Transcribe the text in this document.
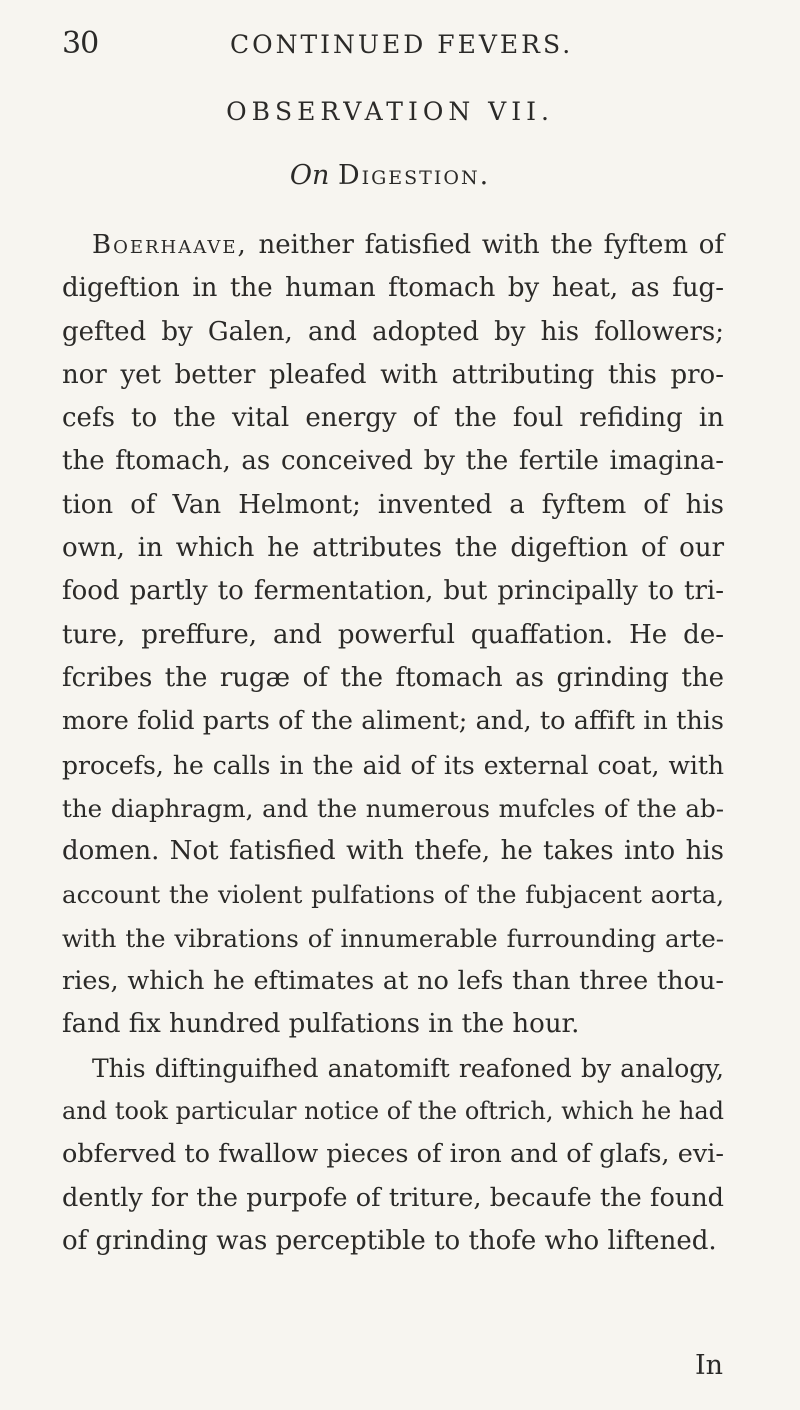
30	CONTINUED FEVERS.
OBSERVATION VII.
On Digestion.
Boerhaave, neither fatisfied with the fyftem of
digeftion in the human ftomach by heat, as fug-
gefted by Galen, and adopted by his followers;
nor yet better pleafed with attributing this pro-
cefs to the vital energy of the foul refiding in
the ftomach, as conceived by the fertile imagina-
tion of Van Helmont; invented a fyftem of his
own, in which he attributes the digeftion of our
food partly to fermentation, but principally to tri-
ture, preffure, and powerful quaffation. He de-
fcribes the rugæ of the ftomach as grinding the
more folid parts of the aliment; and, to affift in this
procefs, he calls in the aid of its external coat, with
the diaphragm, and the numerous mufcles of the ab-
domen. Not fatisfied with thefe, he takes into his
account the violent pulfations of the fubjacent aorta,
with the vibrations of innumerable furrounding arte-
ries, which he eftimates at no lefs than three thou-
fand fix hundred pulfations in the hour.
This diftinguifhed anatomift reafoned by analogy,
and took particular notice of the oftrich, which he had
obferved to fwallow pieces of iron and of glafs, evi-
dently for the purpofe of triture, becaufe the found
of grinding was perceptible to thofe who liftened.
In
